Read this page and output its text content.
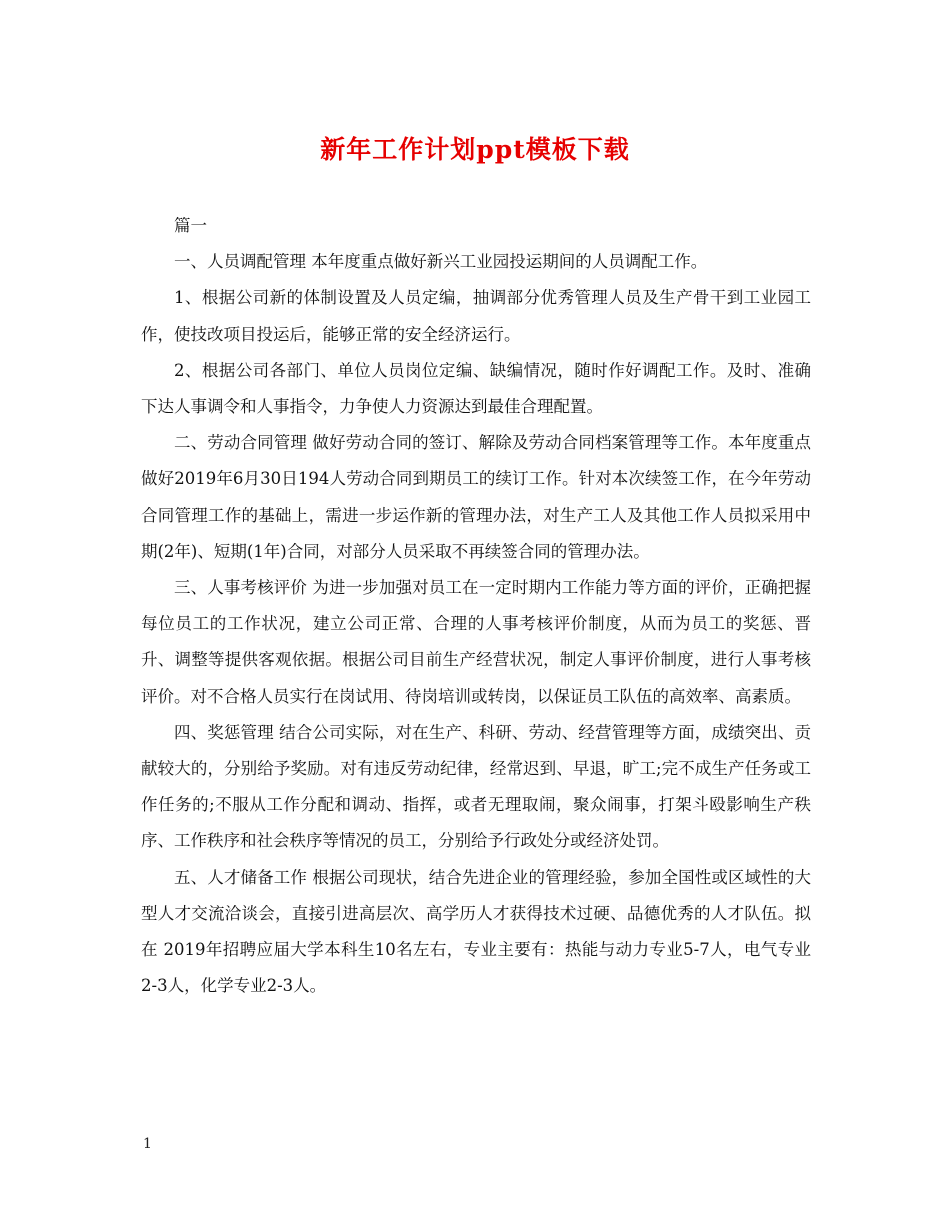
新年工作计划ppt模板下载

篇一

一、人员调配管理 本年度重点做好新兴工业园投运期间的人员调配工作。

1、根据公司新的体制设置及人员定编，抽调部分优秀管理人员及生产骨干到工业园工作，使技改项目投运后，能够正常的安全经济运行。

2、根据公司各部门、单位人员岗位定编、缺编情况，随时作好调配工作。及时、准确下达人事调令和人事指令，力争使人力资源达到最佳合理配置。

二、劳动合同管理 做好劳动合同的签订、解除及劳动合同档案管理等工作。本年度重点做好2019年6月30日194人劳动合同到期员工的续订工作。针对本次续签工作，在今年劳动合同管理工作的基础上，需进一步运作新的管理办法，对生产工人及其他工作人员拟采用中期(2年)、短期(1年)合同，对部分人员采取不再续签合同的管理办法。

三、人事考核评价 为进一步加强对员工在一定时期内工作能力等方面的评价，正确把握每位员工的工作状况，建立公司正常、合理的人事考核评价制度，从而为员工的奖惩、晋升、调整等提供客观依据。根据公司目前生产经营状况，制定人事评价制度，进行人事考核评价。对不合格人员实行在岗试用、待岗培训或转岗，以保证员工队伍的高效率、高素质。

四、奖惩管理 结合公司实际，对在生产、科研、劳动、经营管理等方面，成绩突出、贡献较大的，分别给予奖励。对有违反劳动纪律，经常迟到、早退，旷工;完不成生产任务或工作任务的;不服从工作分配和调动、指挥，或者无理取闹，聚众闹事，打架斗殴影响生产秩序、工作秩序和社会秩序等情况的员工，分别给予行政处分或经济处罚。

五、人才储备工作 根据公司现状，结合先进企业的管理经验，参加全国性或区域性的大型人才交流洽谈会，直接引进高层次、高学历人才获得技术过硬、品德优秀的人才队伍。拟在 2019年招聘应届大学本科生10名左右，专业主要有：热能与动力专业5-7人，电气专业2-3人，化学专业2-3人。

1
